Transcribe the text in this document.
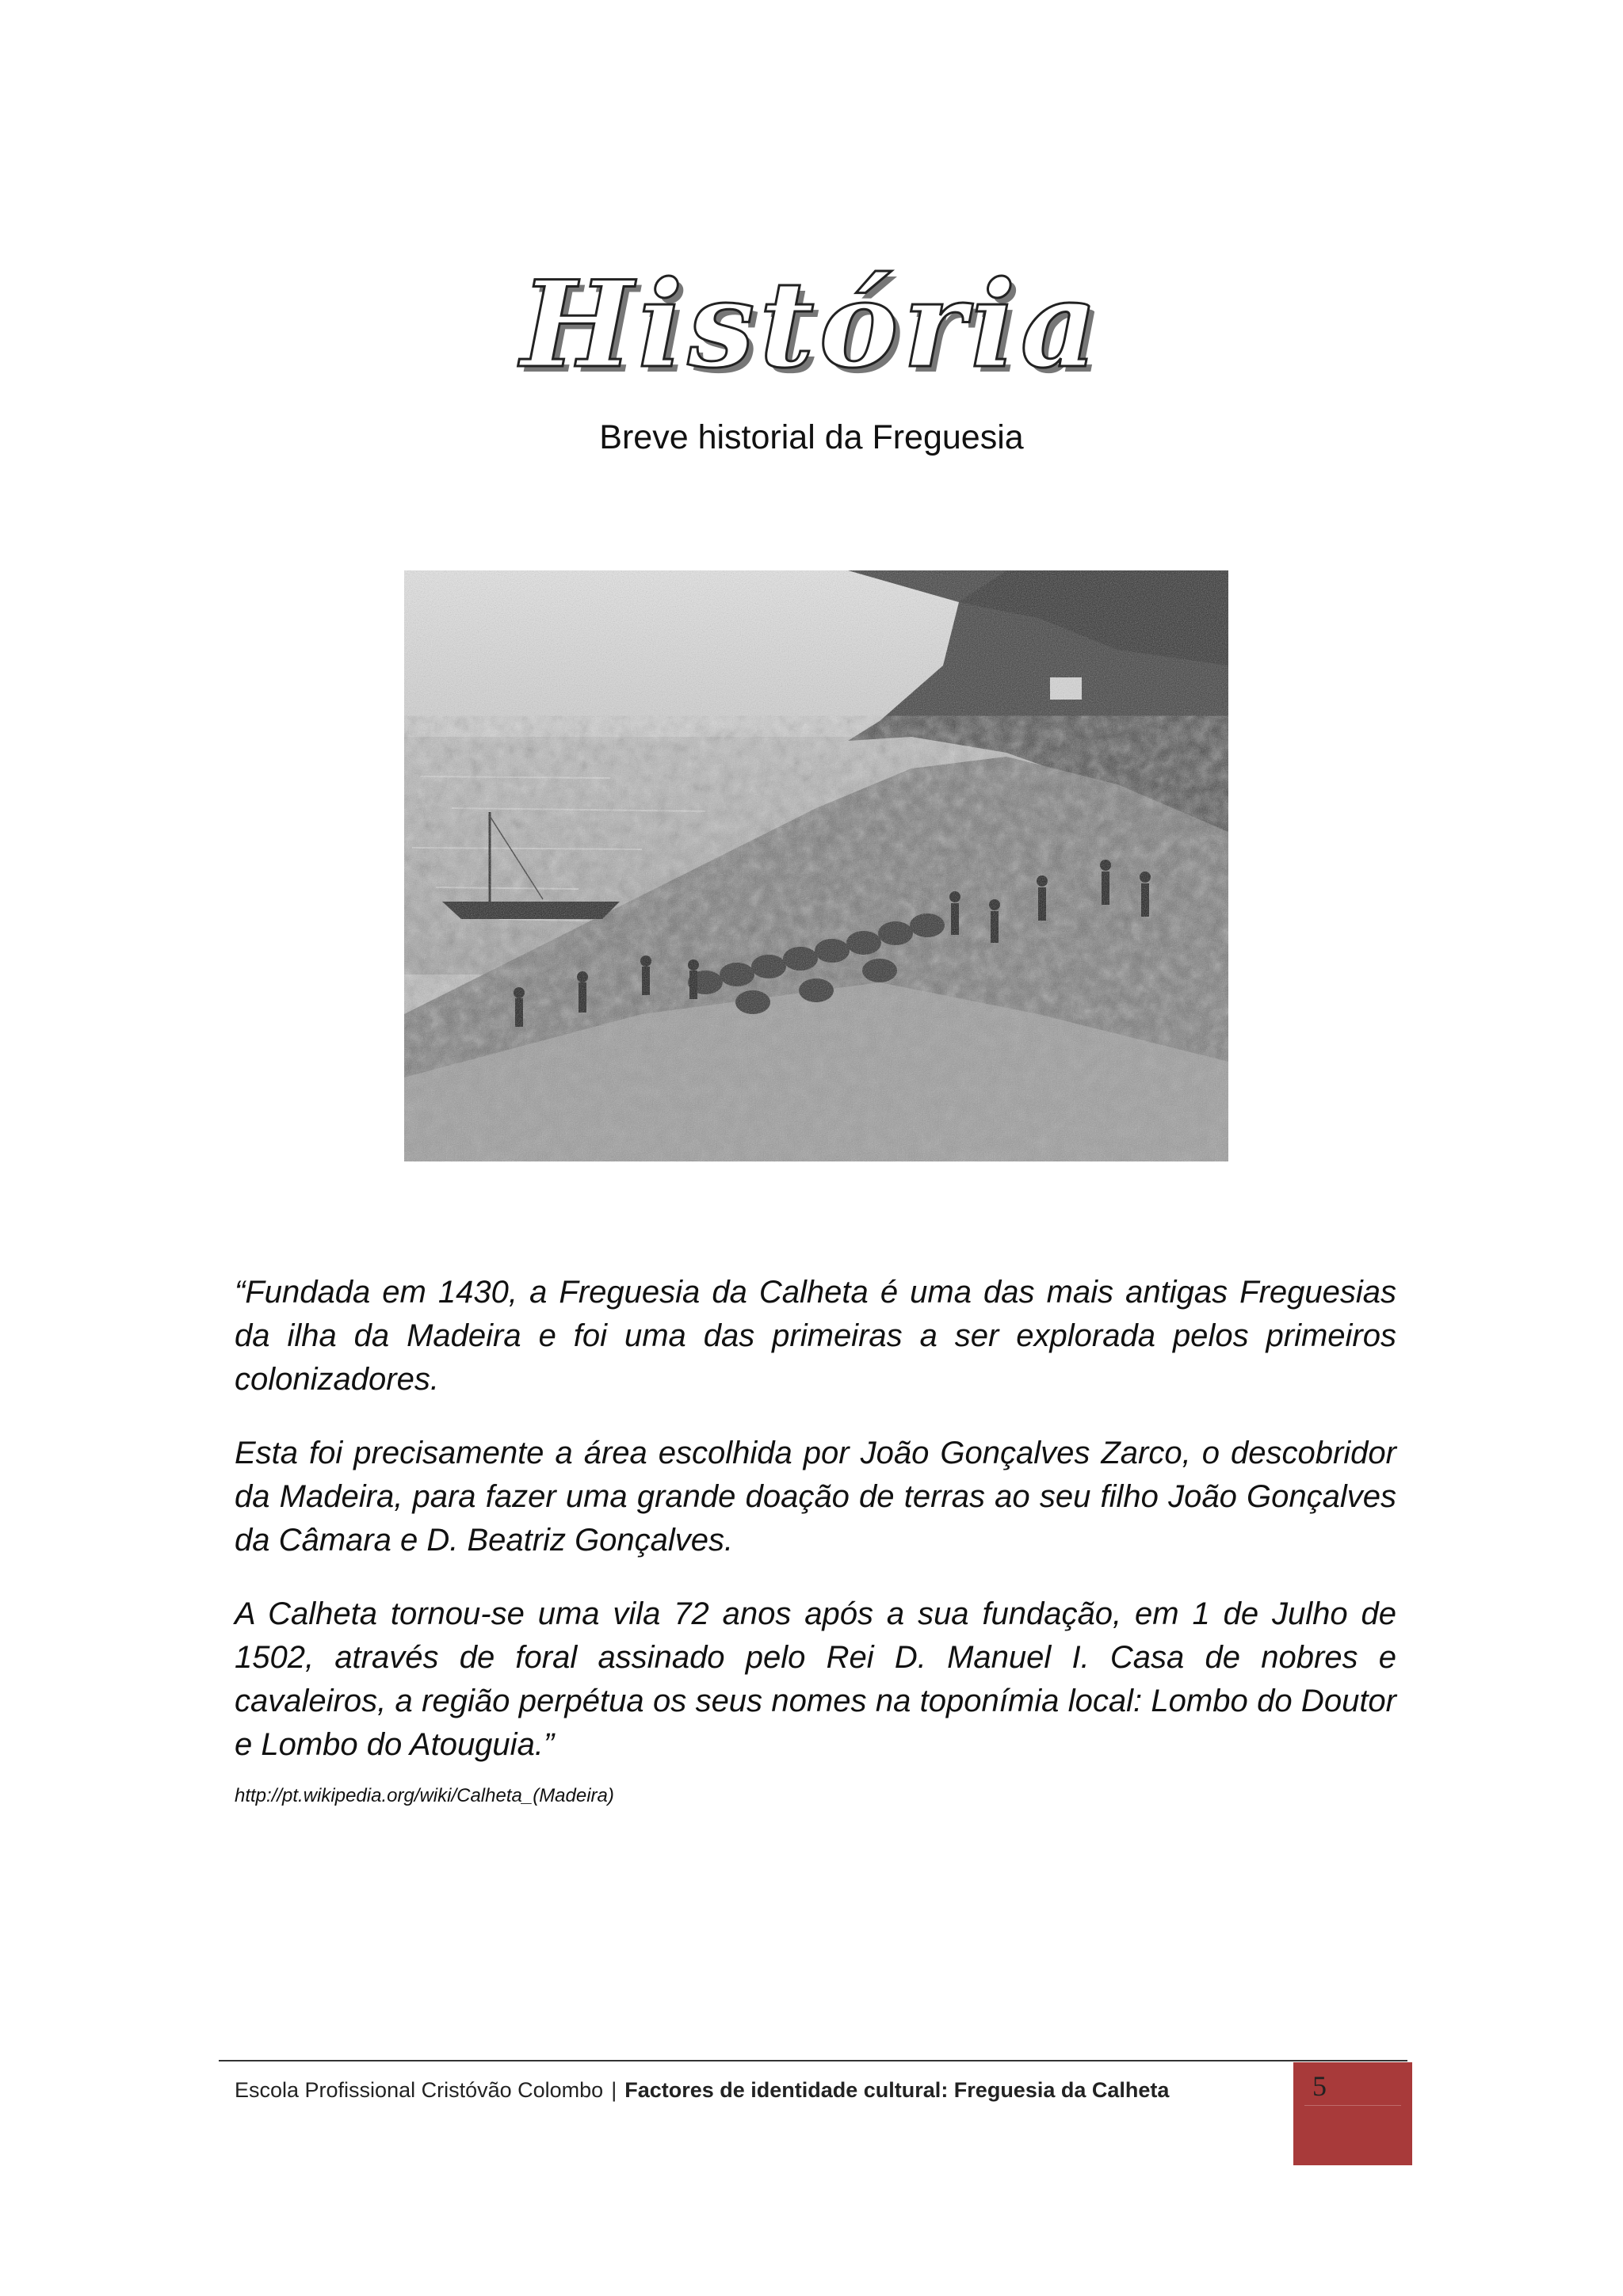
História
Breve historial da Freguesia

“Fundada em 1430, a Freguesia da Calheta é uma das mais antigas Freguesias da ilha da Madeira e foi uma das primeiras a ser explorada pelos primeiros colonizadores.

Esta foi precisamente a área escolhida por João Gonçalves Zarco, o descobridor da Madeira, para fazer uma grande doação de terras ao seu filho João Gonçalves da Câmara e D. Beatriz Gonçalves.

A Calheta tornou-se uma vila 72 anos após a sua fundação, em 1 de Julho de 1502, através de foral assinado pelo Rei D. Manuel I. Casa de nobres e cavaleiros, a região perpétua os seus nomes na toponímia local: Lombo do Doutor e Lombo do Atouguia.”

http://pt.wikipedia.org/wiki/Calheta_(Madeira)
Escola Profissional Cristóvão Colombo | Factores de identidade cultural: Freguesia da Calheta	5
